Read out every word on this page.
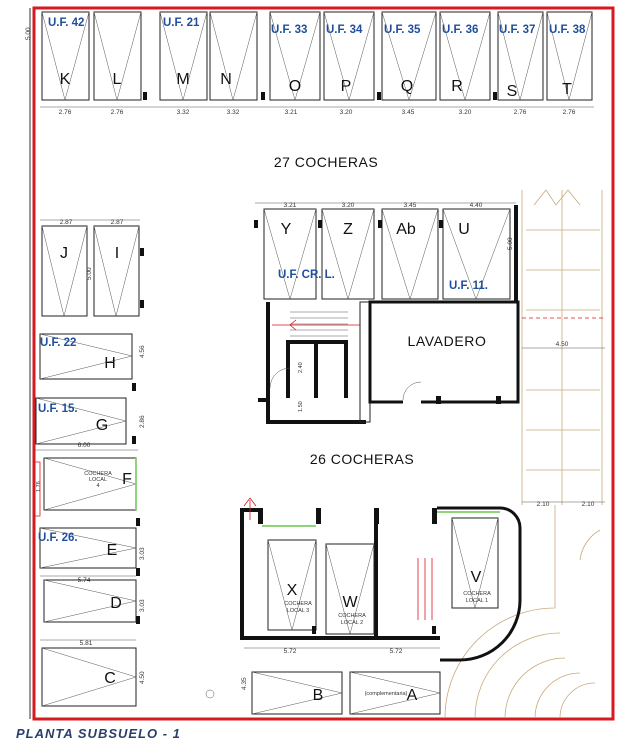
K	L	M N	O P	Q R	S	T
U.F. 42	U.F. 21
U.F. 33 U.F. 34 U.F. 35 U.F. 36 U.F. 37 U.F. 38
2.76	2.76	3.32	3.32	3.21	3.20	3.45	3.20	2.76	2.76
5.00
27 COCHERAS
Y	Z	Ab	U
3.21	3.20	3.45	4.40
5.00
U.F. CR. L.
U.F. 11.
2.40
1.50
LAVADERO	4.50
2.10	2.10
26 COCHERAS
J	I
2.87	2.87
5.00
U.F. 22
H
4.56
U.F. 15.
G	2.86
6.00
1.76
COCHERA
LOCAL
4 F
U.F. 26.
E	3.03
5.74
D	3.03
5.81
C	4.50
X
COCHERA
LOCAL 3 W
COCHERA
LOCAL 2
V
COCHERA
LOCAL 1
5.72	5.72
4.35
B	A
(complementaria)
PLANTA SUBSUELO - 1
